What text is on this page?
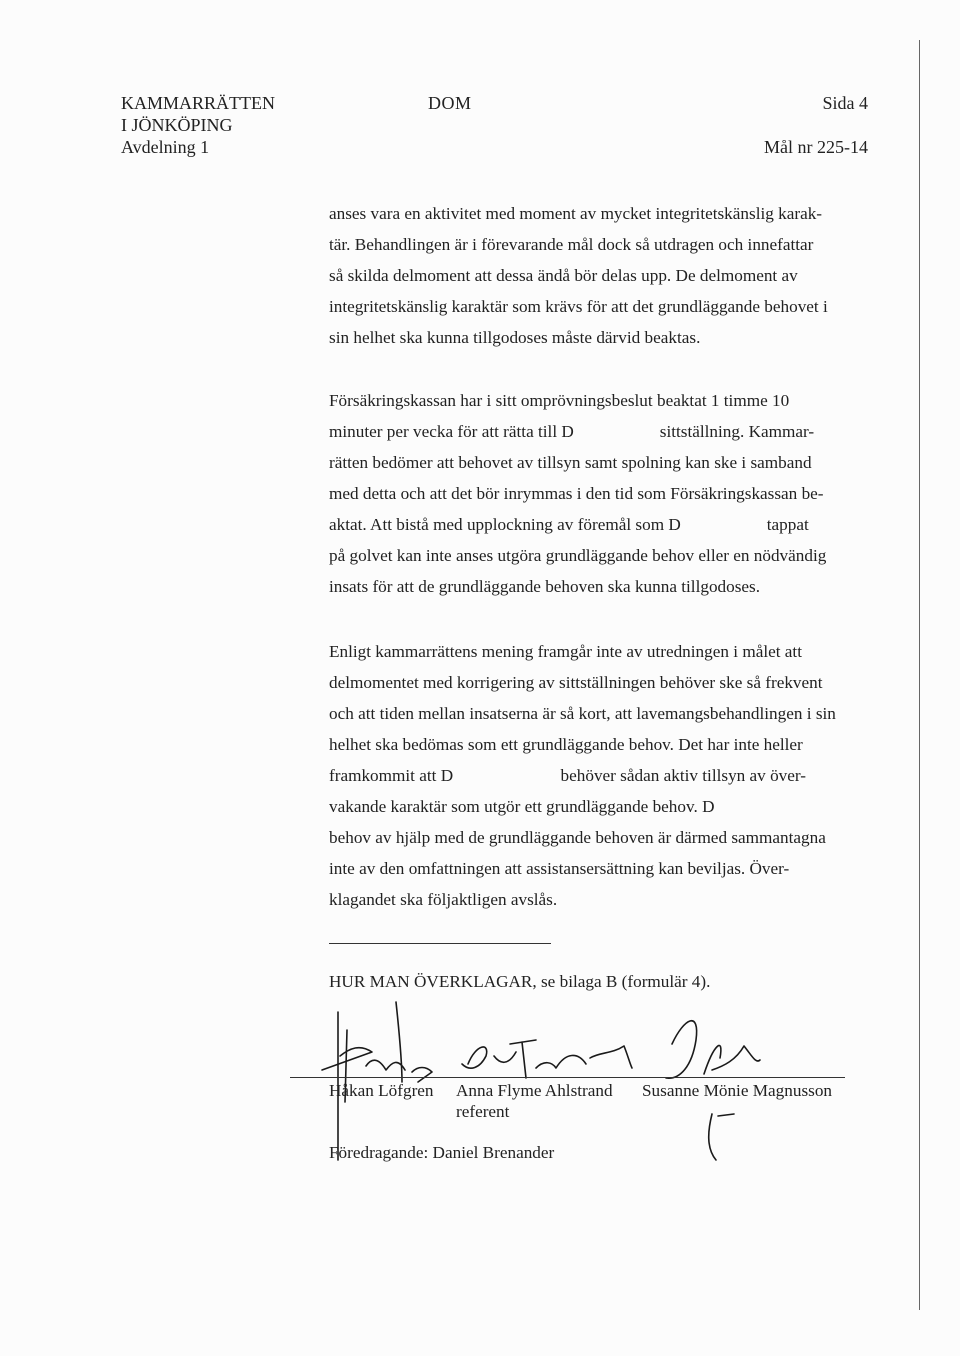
KAMMARRÄTTEN
I JÖNKÖPING
Avdelning 1
DOM	Sida 4
Mål nr 225-14
anses vara en aktivitet med moment av mycket integritetskänslig karak-
tär. Behandlingen är i förevarande mål dock så utdragen och innefattar
så skilda delmoment att dessa ändå bör delas upp. De delmoment av
integritetskänslig karaktär som krävs för att det grundläggande behovet i
sin helhet ska kunna tillgodoses måste därvid beaktas.
Försäkringskassan har i sitt omprövningsbeslut beaktat 1 timme 10
minuter per vecka för att rätta till D                    sittställning. Kammar-
rätten bedömer att behovet av tillsyn samt spolning kan ske i samband
med detta och att det bör inrymmas i den tid som Försäkringskassan be-
aktat. Att bistå med upplockning av föremål som D                    tappat
på golvet kan inte anses utgöra grundläggande behov eller en nödvändig
insats för att de grundläggande behoven ska kunna tillgodoses.
Enligt kammarrättens mening framgår inte av utredningen i målet att
delmomentet med korrigering av sittställningen behöver ske så frekvent
och att tiden mellan insatserna är så kort, att lavemangsbehandlingen i sin
helhet ska bedömas som ett grundläggande behov. Det har inte heller
framkommit att D                         behöver sådan aktiv tillsyn av över-
vakande karaktär som utgör ett grundläggande behov. D
behov av hjälp med de grundläggande behoven är därmed sammantagna
inte av den omfattningen att assistansersättning kan beviljas. Över-
klagandet ska följaktligen avslås.
HUR MAN ÖVERKLAGAR, se bilaga B (formulär 4).
Håkan Löfgren Anna Flyme Ahlstrand Susanne Mönie Magnusson
referent
Föredragande: Daniel Brenander
